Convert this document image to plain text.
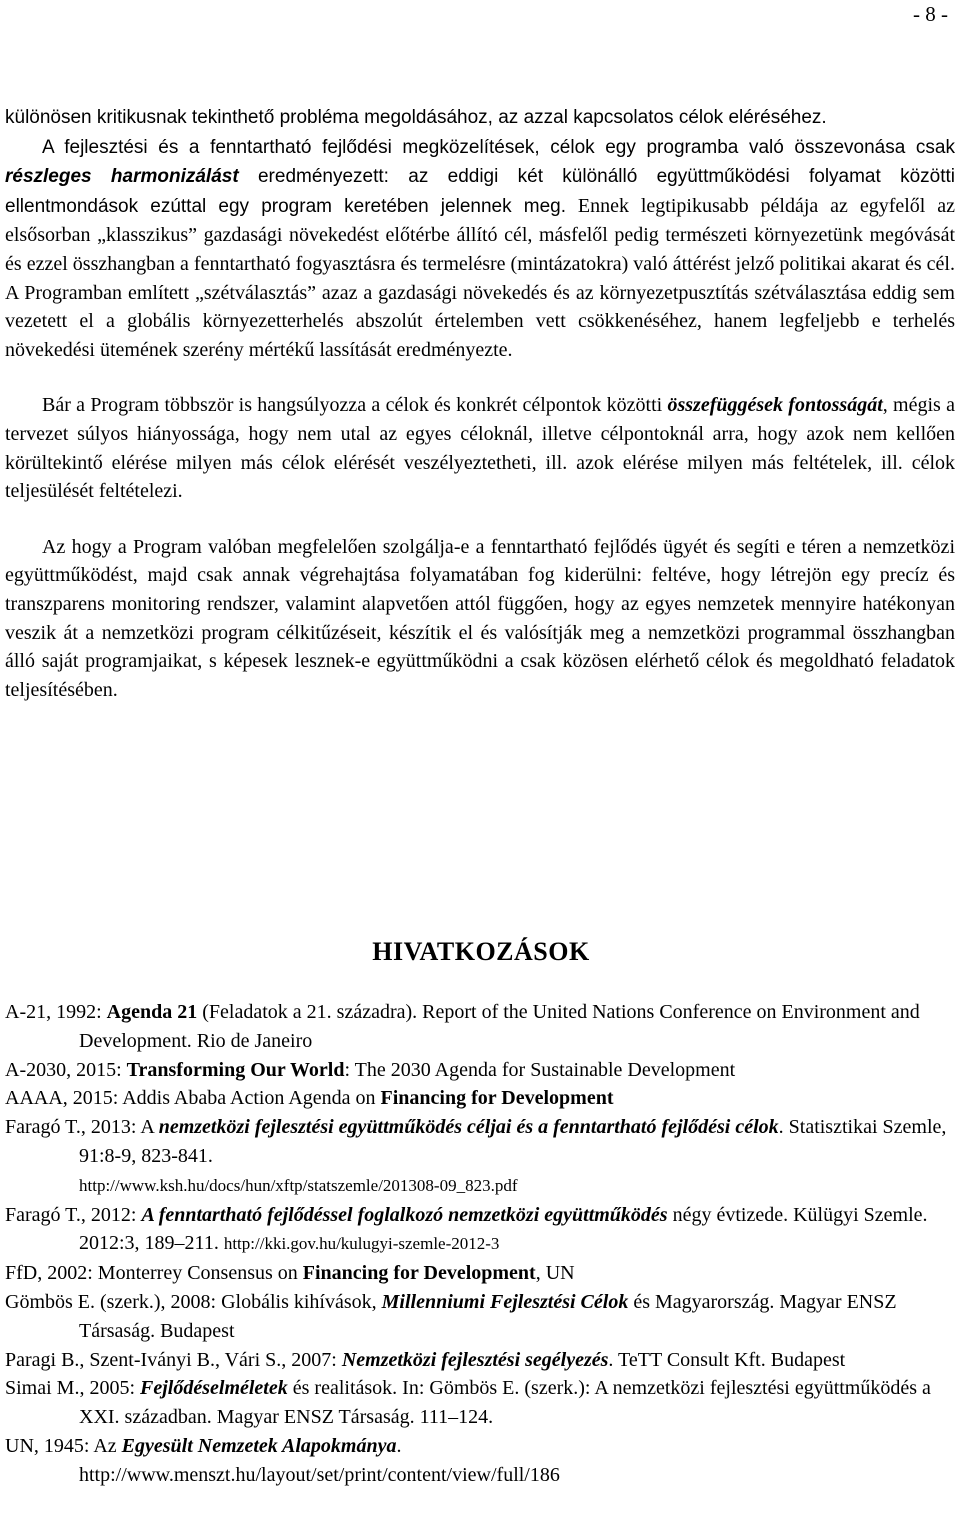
- 8 -

különösen kritikusnak tekinthető probléma megoldásához, az azzal kapcsolatos célok eléréséhez.

A fejlesztési és a fenntartható fejlődési megközelítések, célok egy programba való összevonása csak részleges harmonizálást eredményezett: az eddigi két különálló együttműködési folyamat közötti ellentmondások ezúttal egy program keretében jelennek meg. Ennek legtipikusabb példája az egyfelől az elsősorban „klasszikus” gazdasági növekedést előtérbe állító cél, másfelől pedig természeti környezetünk megóvását és ezzel összhangban a fenntartható fogyasztásra és termelésre (mintázatokra) való áttérést jelző politikai akarat és cél. A Programban említett „szétválasztás” azaz a gazdasági növekedés és az környezetpusztítás szétválasztása eddig sem vezetett el a globális környezetterhelés abszolút értelemben vett csökkenéséhez, hanem legfeljebb e terhelés növekedési ütemének szerény mértékű lassítását eredményezte.

Bár a Program többször is hangsúlyozza a célok és konkrét célpontok közötti összefüggések fontosságát, mégis a tervezet súlyos hiányossága, hogy nem utal az egyes céloknál, illetve célpontoknál arra, hogy azok nem kellően körültekintő elérése milyen más célok elérését veszélyeztetheti, ill. azok elérése milyen más feltételek, ill. célok teljesülését feltételezi.

Az hogy a Program valóban megfelelően szolgálja-e a fenntartható fejlődés ügyét és segíti e téren a nemzetközi együttműködést, majd csak annak végrehajtása folyamatában fog kiderülni: feltéve, hogy létrejön egy precíz és transzparens monitoring rendszer, valamint alapvetően attól függően, hogy az egyes nemzetek mennyire hatékonyan veszik át a nemzetközi program célkitűzéseit, készítik el és valósítják meg a nemzetközi programmal összhangban álló saját programjaikat, s képesek lesznek-e együttműködni a csak közösen elérhető célok és megoldható feladatok teljesítésében.

HIVATKOZÁSOK

A-21, 1992: Agenda 21 (Feladatok a 21. századra). Report of the United Nations Conference on Environment and Development. Rio de Janeiro

A-2030, 2015: Transforming Our World: The 2030 Agenda for Sustainable Development

AAAA, 2015: Addis Ababa Action Agenda on Financing for Development

Faragó T., 2013: A nemzetközi fejlesztési együttműködés céljai és a fenntartható fejlődési célok. Statisztikai Szemle, 91:8-9, 823-841.
http://www.ksh.hu/docs/hun/xftp/statszemle/201308-09_823.pdf

Faragó T., 2012: A fenntartható fejlődéssel foglalkozó nemzetközi együttműködés négy évtizede. Külügyi Szemle. 2012:3, 189–211. http://kki.gov.hu/kulugyi-szemle-2012-3

FfD, 2002: Monterrey Consensus on Financing for Development, UN

Gömbös E. (szerk.), 2008: Globális kihívások, Millenniumi Fejlesztési Célok és Magyarország. Magyar ENSZ Társaság. Budapest

Paragi B., Szent-Iványi B., Vári S., 2007: Nemzetközi fejlesztési segélyezés. TeTT Consult Kft. Budapest

Simai M., 2005: Fejlődéselméletek és realitások. In: Gömbös E. (szerk.): A nemzetközi fejlesztési együttműködés a XXI. században. Magyar ENSZ Társaság. 111–124.

UN, 1945: Az Egyesült Nemzetek Alapokmánya.
http://www.menszt.hu/layout/set/print/content/view/full/186
